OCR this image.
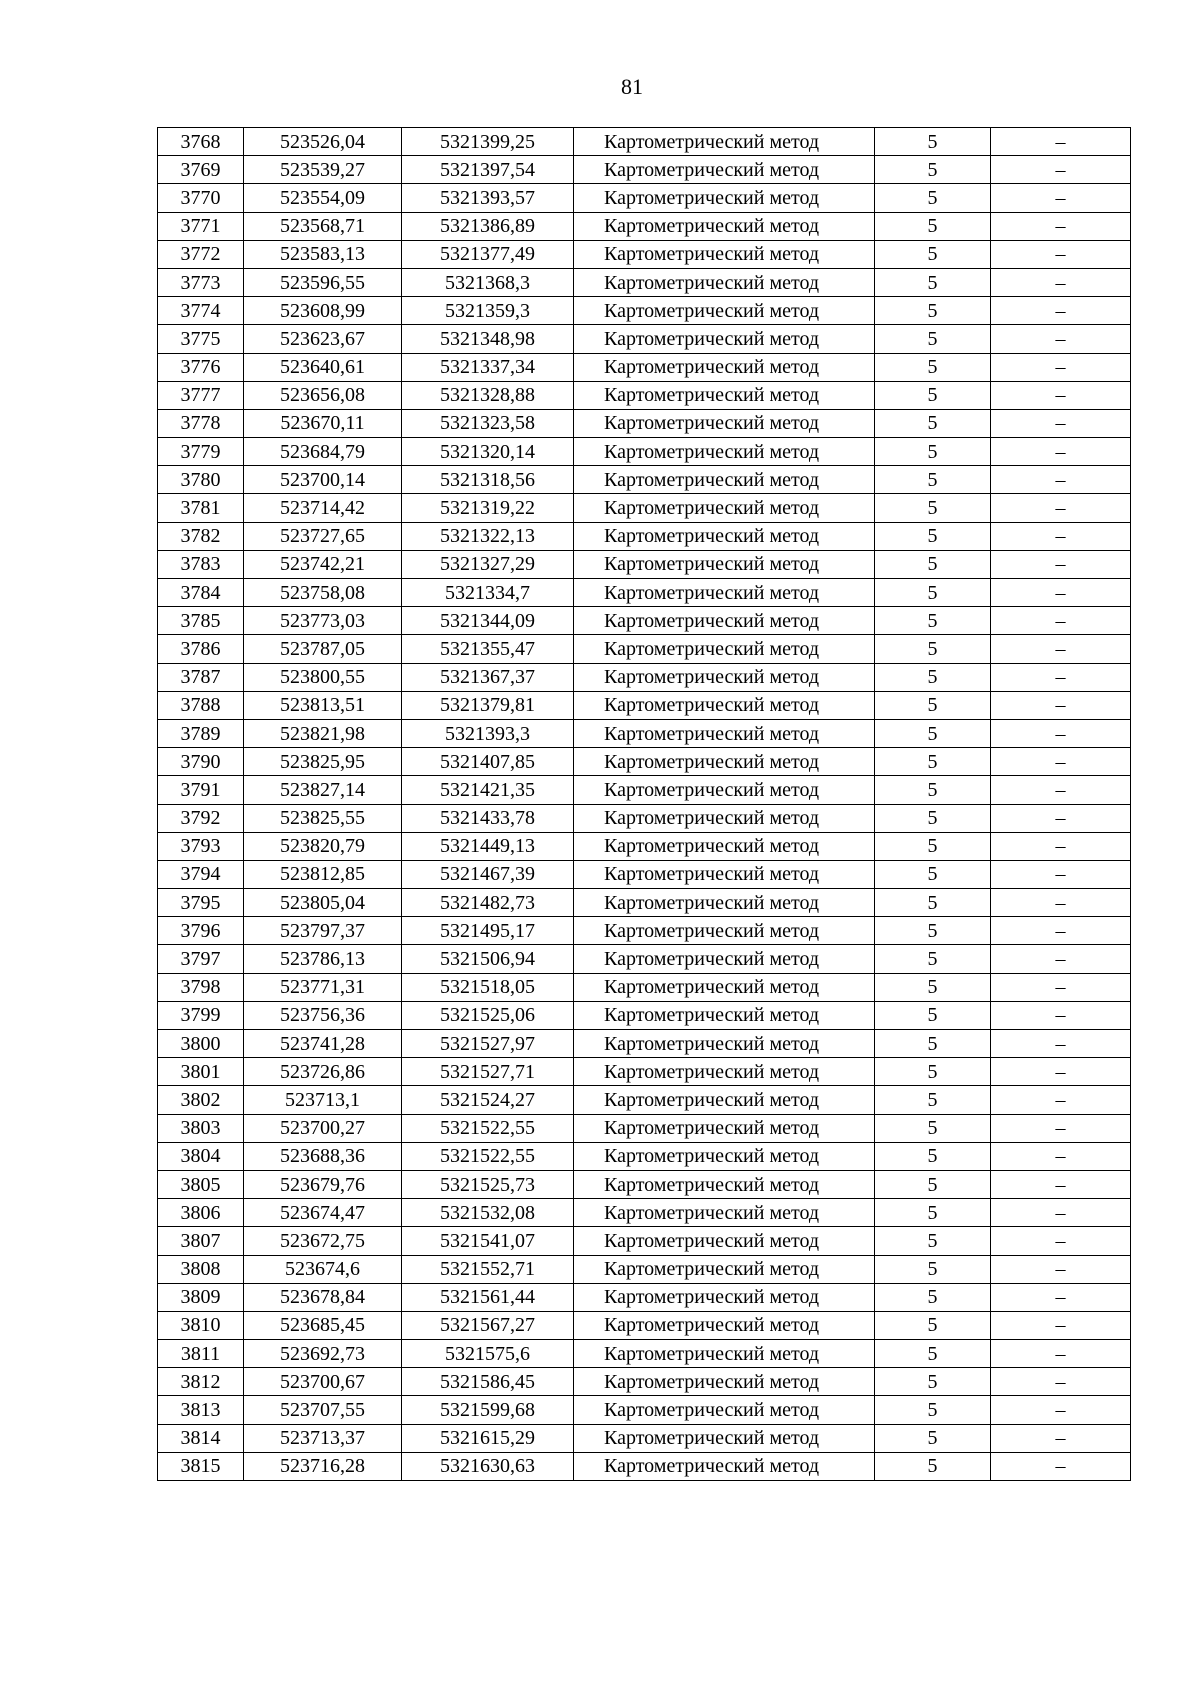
81
3768	523526,04	5321399,25	Картометрический метод	5	–
3769	523539,27	5321397,54	Картометрический метод	5	–
3770	523554,09	5321393,57	Картометрический метод	5	–
3771	523568,71	5321386,89	Картометрический метод	5	–
3772	523583,13	5321377,49	Картометрический метод	5	–
3773	523596,55	5321368,3	Картометрический метод	5	–
3774	523608,99	5321359,3	Картометрический метод	5	–
3775	523623,67	5321348,98	Картометрический метод	5	–
3776	523640,61	5321337,34	Картометрический метод	5	–
3777	523656,08	5321328,88	Картометрический метод	5	–
3778	523670,11	5321323,58	Картометрический метод	5	–
3779	523684,79	5321320,14	Картометрический метод	5	–
3780	523700,14	5321318,56	Картометрический метод	5	–
3781	523714,42	5321319,22	Картометрический метод	5	–
3782	523727,65	5321322,13	Картометрический метод	5	–
3783	523742,21	5321327,29	Картометрический метод	5	–
3784	523758,08	5321334,7	Картометрический метод	5	–
3785	523773,03	5321344,09	Картометрический метод	5	–
3786	523787,05	5321355,47	Картометрический метод	5	–
3787	523800,55	5321367,37	Картометрический метод	5	–
3788	523813,51	5321379,81	Картометрический метод	5	–
3789	523821,98	5321393,3	Картометрический метод	5	–
3790	523825,95	5321407,85	Картометрический метод	5	–
3791	523827,14	5321421,35	Картометрический метод	5	–
3792	523825,55	5321433,78	Картометрический метод	5	–
3793	523820,79	5321449,13	Картометрический метод	5	–
3794	523812,85	5321467,39	Картометрический метод	5	–
3795	523805,04	5321482,73	Картометрический метод	5	–
3796	523797,37	5321495,17	Картометрический метод	5	–
3797	523786,13	5321506,94	Картометрический метод	5	–
3798	523771,31	5321518,05	Картометрический метод	5	–
3799	523756,36	5321525,06	Картометрический метод	5	–
3800	523741,28	5321527,97	Картометрический метод	5	–
3801	523726,86	5321527,71	Картометрический метод	5	–
3802	523713,1	5321524,27	Картометрический метод	5	–
3803	523700,27	5321522,55	Картометрический метод	5	–
3804	523688,36	5321522,55	Картометрический метод	5	–
3805	523679,76	5321525,73	Картометрический метод	5	–
3806	523674,47	5321532,08	Картометрический метод	5	–
3807	523672,75	5321541,07	Картометрический метод	5	–
3808	523674,6	5321552,71	Картометрический метод	5	–
3809	523678,84	5321561,44	Картометрический метод	5	–
3810	523685,45	5321567,27	Картометрический метод	5	–
3811	523692,73	5321575,6	Картометрический метод	5	–
3812	523700,67	5321586,45	Картометрический метод	5	–
3813	523707,55	5321599,68	Картометрический метод	5	–
3814	523713,37	5321615,29	Картометрический метод	5	–
3815	523716,28	5321630,63	Картометрический метод	5	–
